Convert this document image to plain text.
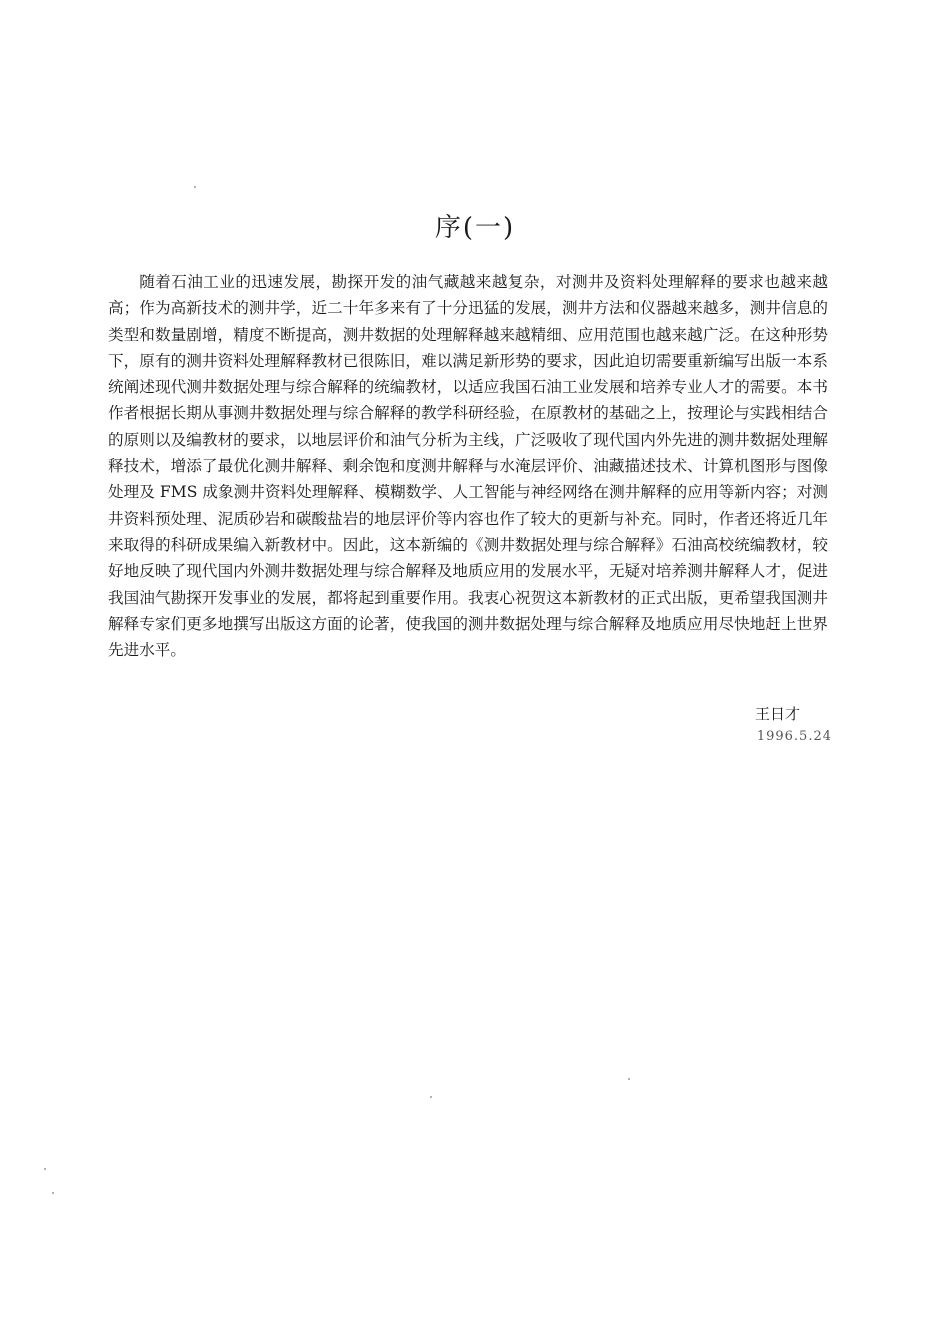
序(一)

随着石油工业的迅速发展，勘探开发的油气藏越来越复杂，对测井及资料处理解释的要求也越来越高；作为高新技术的测井学，近二十年多来有了十分迅猛的发展，测井方法和仪器越来越多，测井信息的类型和数量剧增，精度不断提高，测井数据的处理解释越来越精细、应用范围也越来越广泛。在这种形势下，原有的测井资料处理解释教材已很陈旧，难以满足新形势的要求，因此迫切需要重新编写出版一本系统阐述现代测井数据处理与综合解释的统编教材，以适应我国石油工业发展和培养专业人才的需要。本书作者根据长期从事测井数据处理与综合解释的教学科研经验，在原教材的基础之上，按理论与实践相结合的原则以及编教材的要求，以地层评价和油气分析为主线，广泛吸收了现代国内外先进的测井数据处理解释技术，增添了最优化测井解释、剩余饱和度测井解释与水淹层评价、油藏描述技术、计算机图形与图像处理及 FMS 成象测井资料处理解释、模糊数学、人工智能与神经网络在测井解释的应用等新内容；对测井资料预处理、泥质砂岩和碳酸盐岩的地层评价等内容也作了较大的更新与补充。同时，作者还将近几年来取得的科研成果编入新教材中。因此，这本新编的《测井数据处理与综合解释》石油高校统编教材，较好地反映了现代国内外测井数据处理与综合解释及地质应用的发展水平，无疑对培养测井解释人才，促进我国油气勘探开发事业的发展，都将起到重要作用。我衷心祝贺这本新教材的正式出版，更希望我国测井解释专家们更多地撰写出版这方面的论著，使我国的测井数据处理与综合解释及地质应用尽快地赶上世界先进水平。

王日才
1996.5.24
